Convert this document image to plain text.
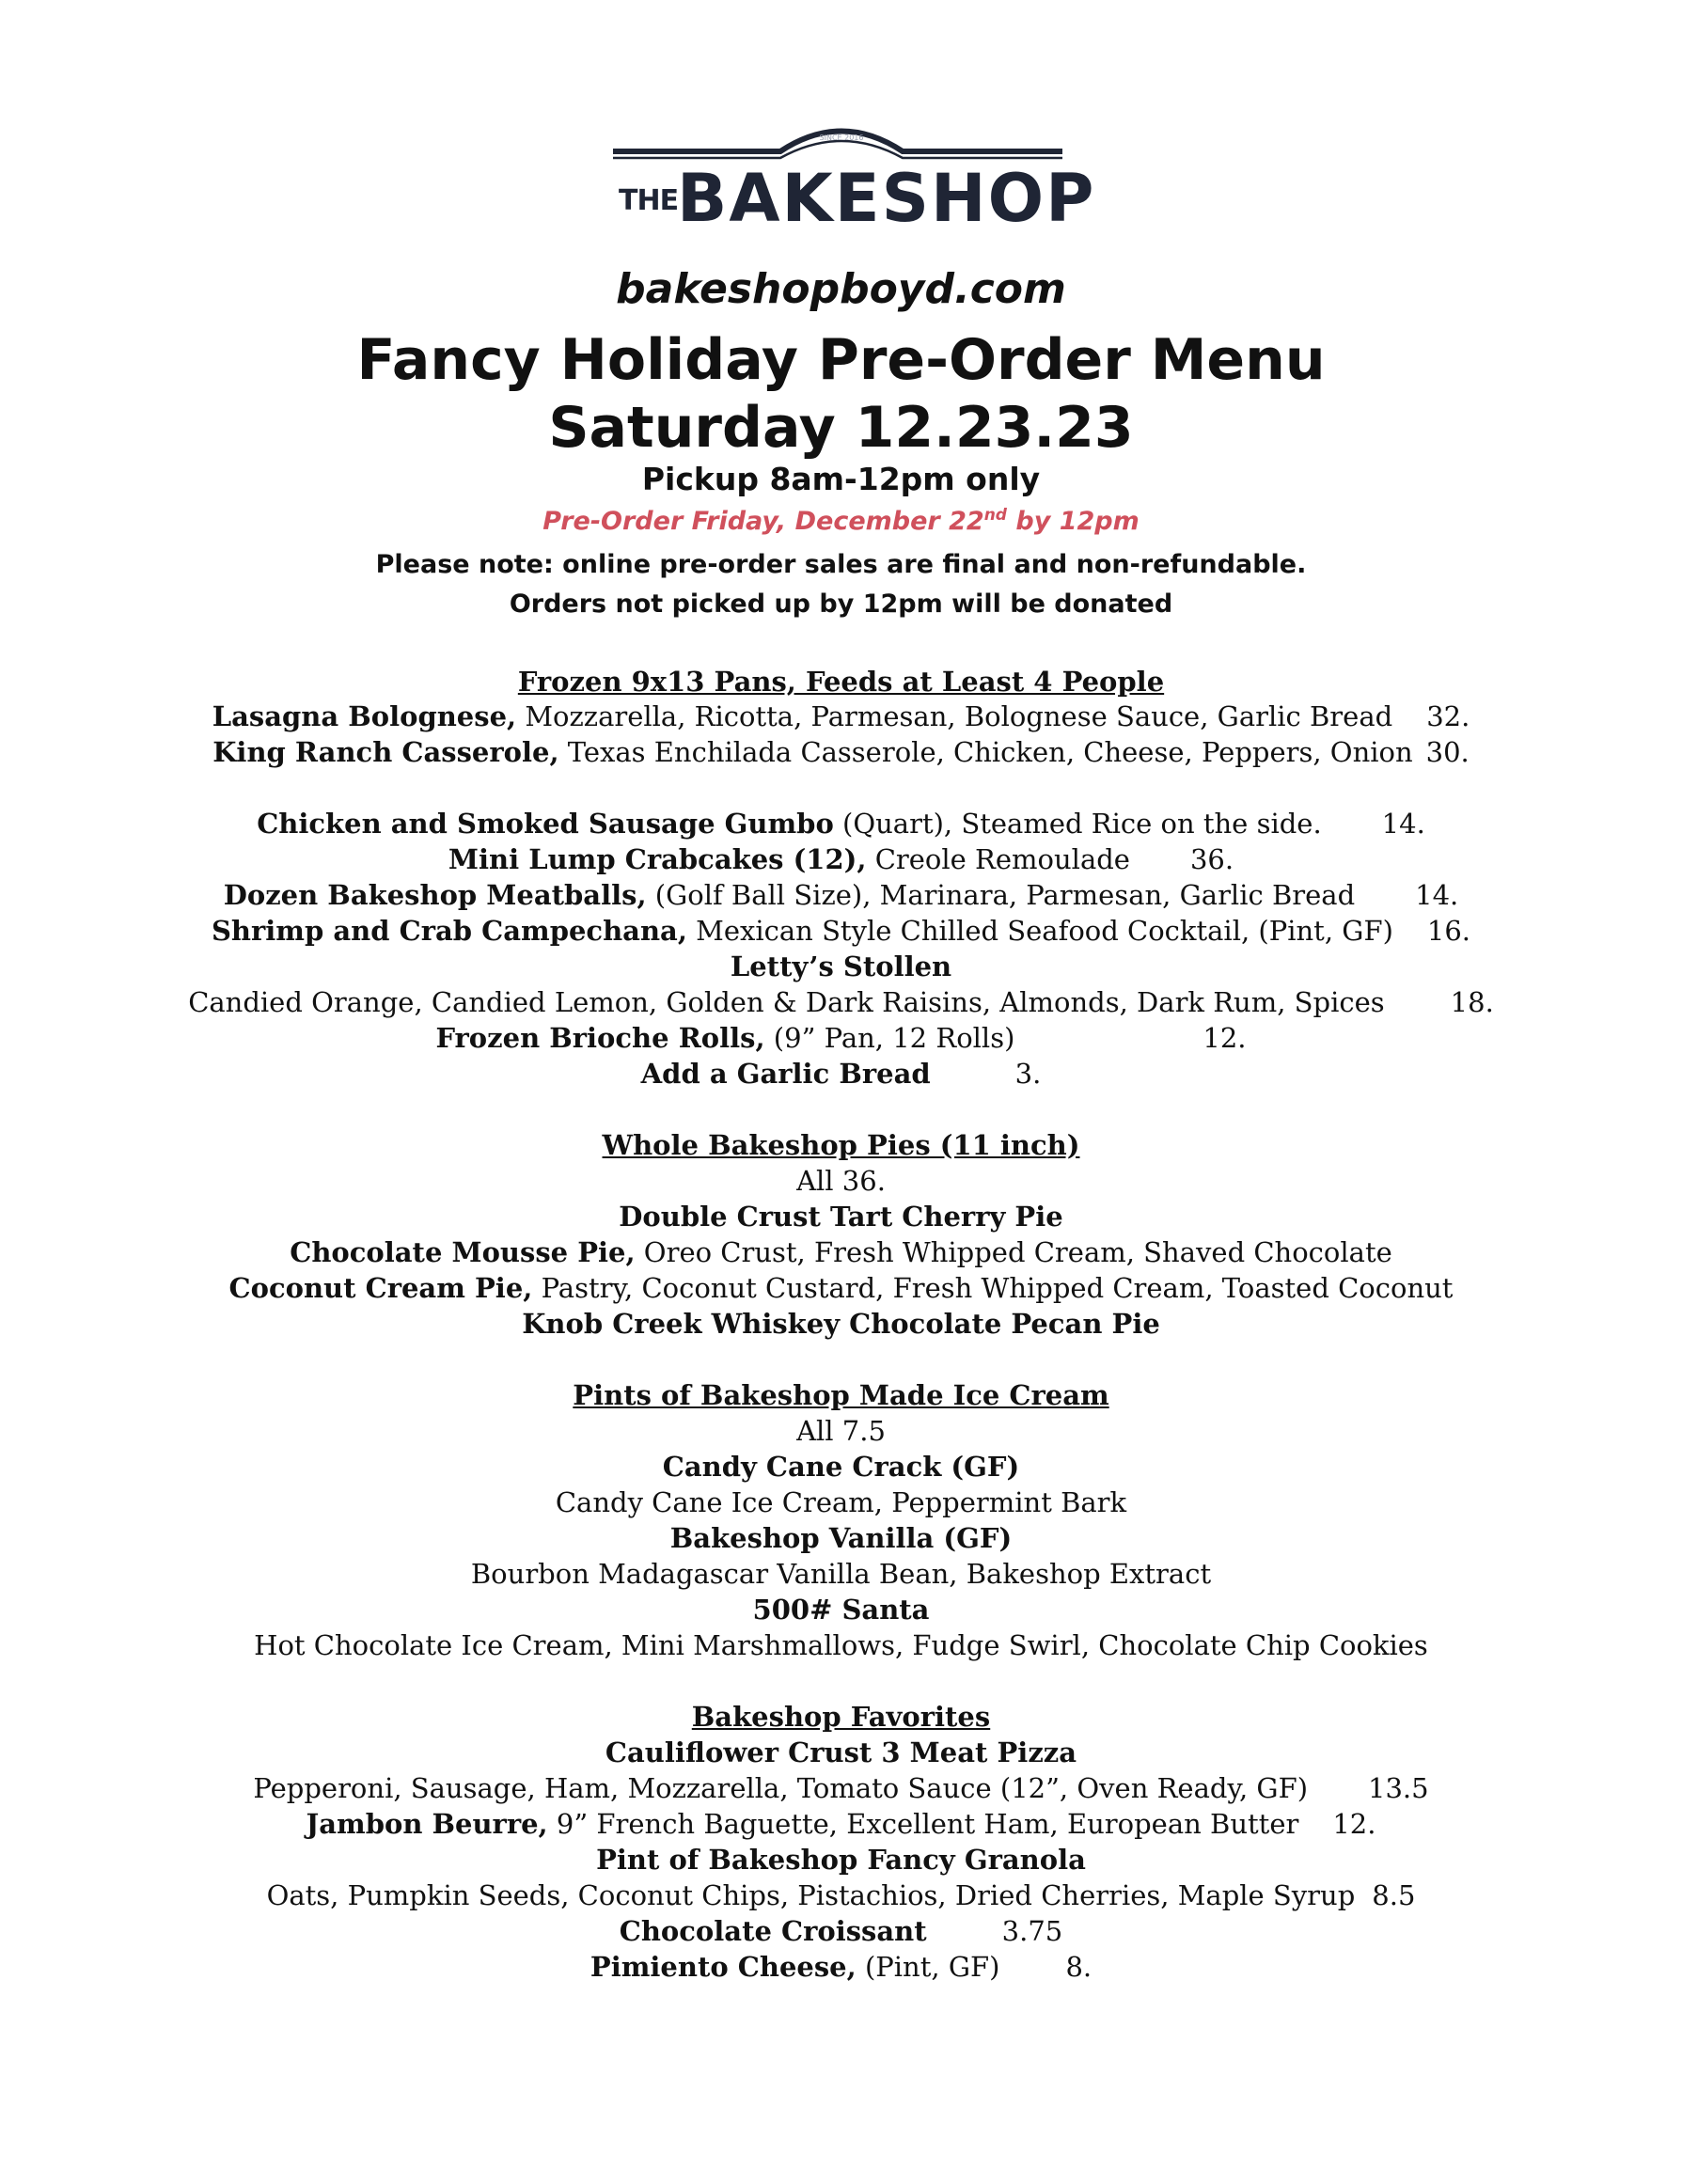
SINCE 2016
THE
BAKESHOP
bakeshopboyd.com
Fancy Holiday Pre-Order Menu
Saturday 12.23.23
Pickup 8am-12pm only
Pre-Order Friday, December 22nd by 12pm
Please note: online pre-order sales are final and non-refundable.
Orders not picked up by 12pm will be donated
Frozen 9x13 Pans, Feeds at Least 4 People
Lasagna Bolognese, Mozzarella, Ricotta, Parmesan, Bolognese Sauce, Garlic Bread 32.
King Ranch Casserole, Texas Enchilada Casserole, Chicken, Cheese, Peppers, Onion 30.
Chicken and Smoked Sausage Gumbo (Quart), Steamed Rice on the side. 14.
Mini Lump Crabcakes (12), Creole Remoulade 36.
Dozen Bakeshop Meatballs, (Golf Ball Size), Marinara, Parmesan, Garlic Bread 14.
Shrimp and Crab Campechana, Mexican Style Chilled Seafood Cocktail, (Pint, GF) 16.
Letty’s Stollen
Candied Orange, Candied Lemon, Golden & Dark Raisins, Almonds, Dark Rum, Spices 18.
Frozen Brioche Rolls, (9” Pan, 12 Rolls)	12.
Add a Garlic Bread	3.
Whole Bakeshop Pies (11 inch)
All 36.
Double Crust Tart Cherry Pie
Chocolate Mousse Pie, Oreo Crust, Fresh Whipped Cream, Shaved Chocolate
Coconut Cream Pie, Pastry, Coconut Custard, Fresh Whipped Cream, Toasted Coconut
Knob Creek Whiskey Chocolate Pecan Pie
Pints of Bakeshop Made Ice Cream
All 7.5
Candy Cane Crack (GF)
Candy Cane Ice Cream, Peppermint Bark
Bakeshop Vanilla (GF)
Bourbon Madagascar Vanilla Bean, Bakeshop Extract
500# Santa
Hot Chocolate Ice Cream, Mini Marshmallows, Fudge Swirl, Chocolate Chip Cookies
Bakeshop Favorites
Cauliflower Crust 3 Meat Pizza
Pepperoni, Sausage, Ham, Mozzarella, Tomato Sauce (12”, Oven Ready, GF) 13.5
Jambon Beurre, 9” French Baguette, Excellent Ham, European Butter 12.
Pint of Bakeshop Fancy Granola
Oats, Pumpkin Seeds, Coconut Chips, Pistachios, Dried Cherries, Maple Syrup 8.5
Chocolate Croissant	3.75
Pimiento Cheese, (Pint, GF) 8.
